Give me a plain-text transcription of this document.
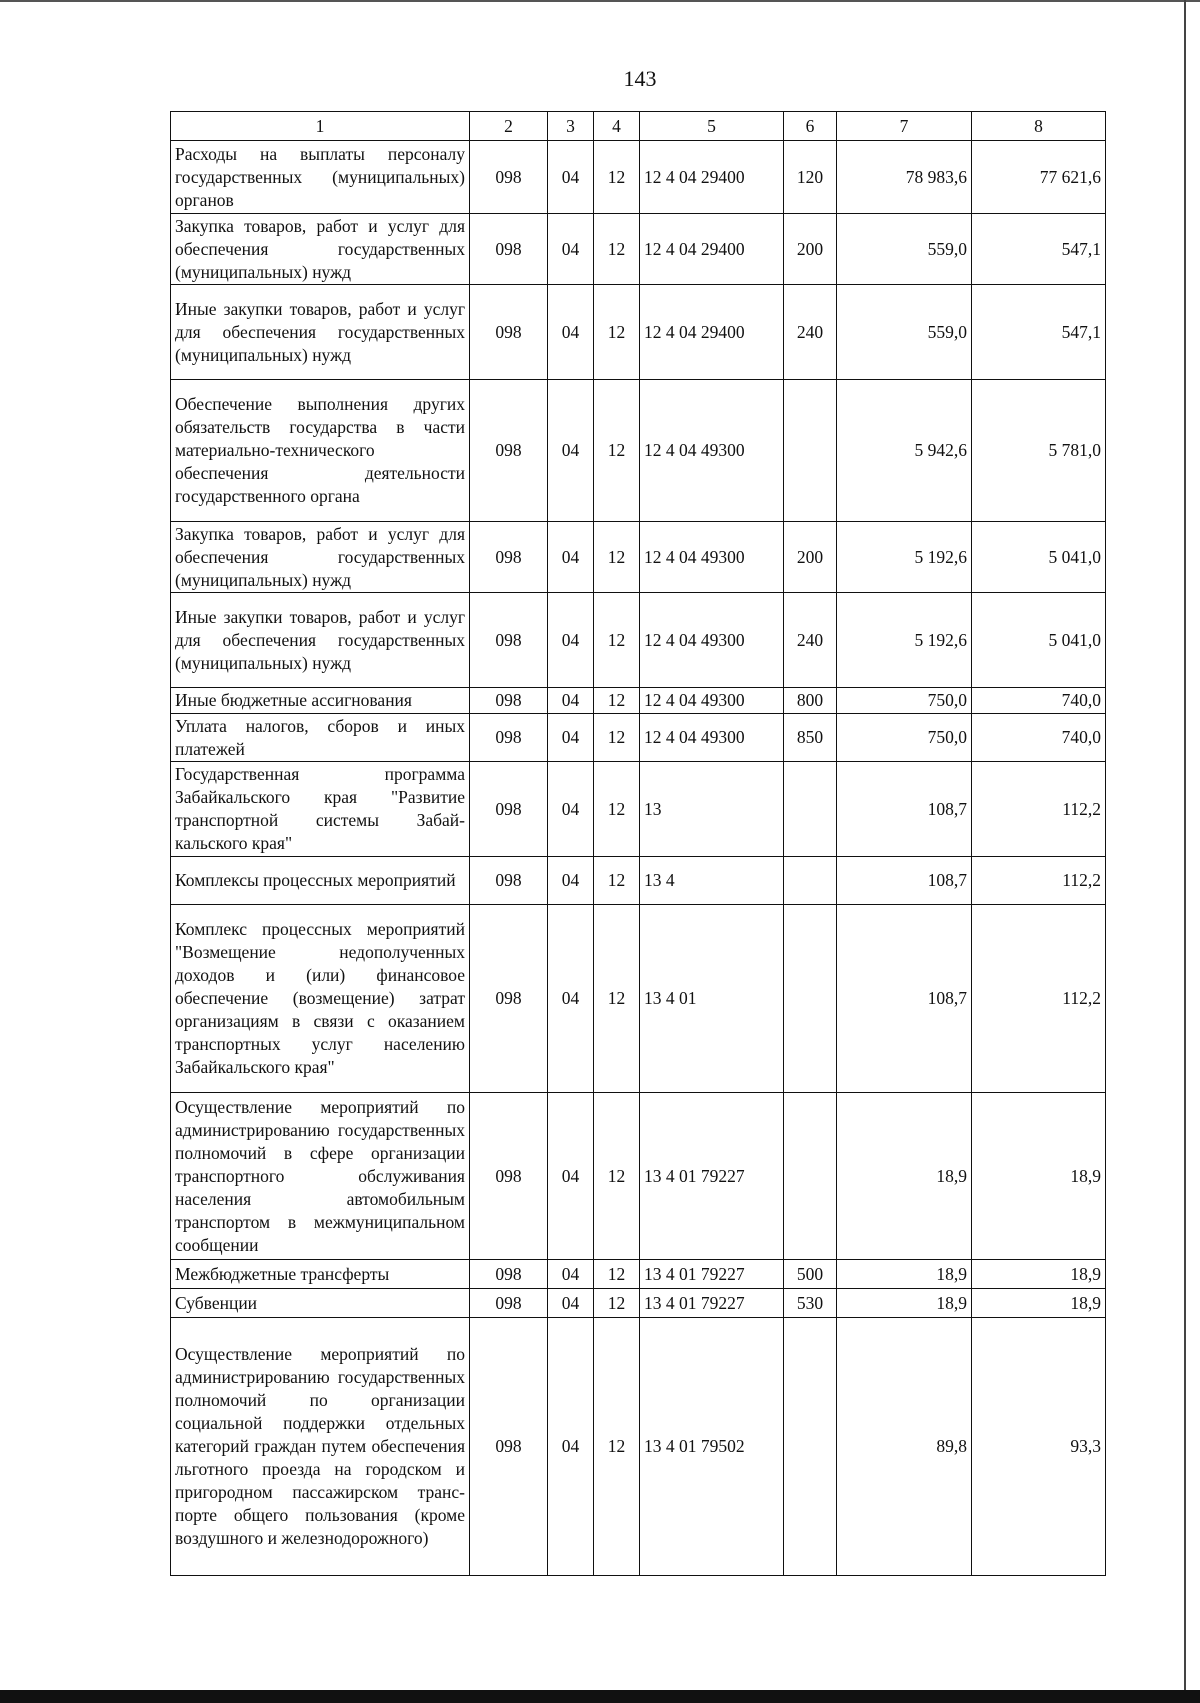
143
1	2	3	4	5	6	7	8
Расходы на выплаты персоналу государственных (муниципальных) органов	098	04	12	12 4 04 29400	120	78 983,6	77 621,6
Закупка товаров, работ и услуг для обеспечения государственных (муниципальных) нужд	098	04	12	12 4 04 29400	200	559,0	547,1
Иные закупки товаров, работ и услуг для обеспечения государственных (муниципальных) нужд	098	04	12	12 4 04 29400	240	559,0	547,1
Обеспечение выполнения других обязательств государства в части материально-технического обеспечения деятельности государственного органа	098	04	12	12 4 04 49300		5 942,6	5 781,0
Закупка товаров, работ и услуг для обеспечения государственных (муниципальных) нужд	098	04	12	12 4 04 49300	200	5 192,6	5 041,0
Иные закупки товаров, работ и услуг для обеспечения государственных (муниципальных) нужд	098	04	12	12 4 04 49300	240	5 192,6	5 041,0
Иные бюджетные ассигнования	098	04	12	12 4 04 49300	800	750,0	740,0
Уплата налогов, сборов и иных платежей	098	04	12	12 4 04 49300	850	750,0	740,0
Государственная программа Забайкальского края "Развитие транспортной системы Забайкальского края"	098	04	12	13		108,7	112,2
Комплексы процессных мероприятий	098	04	12	13 4		108,7	112,2
Комплекс процессных мероприятий "Возмещение недополученных доходов и (или) финансовое обеспечение (возмещение) затрат организациям в связи с оказанием транспортных услуг населению Забайкальского края"	098	04	12	13 4 01		108,7	112,2
Осуществление мероприятий по администрированию государственных полномочий в сфере организации транспортного обслуживания населения автомобильным транспортом в межмуниципальном сообщении	098	04	12	13 4 01 79227		18,9	18,9
Межбюджетные трансферты	098	04	12	13 4 01 79227	500	18,9	18,9
Субвенции	098	04	12	13 4 01 79227	530	18,9	18,9
Осуществление мероприятий по администрированию государственных полномочий по организации социальной поддержки отдельных категорий граждан путем обеспечения льготного проезда на городском и пригородном пассажирском транспорте общего пользования (кроме воздушного и железнодорожного)	098	04	12	13 4 01 79502		89,8	93,3
